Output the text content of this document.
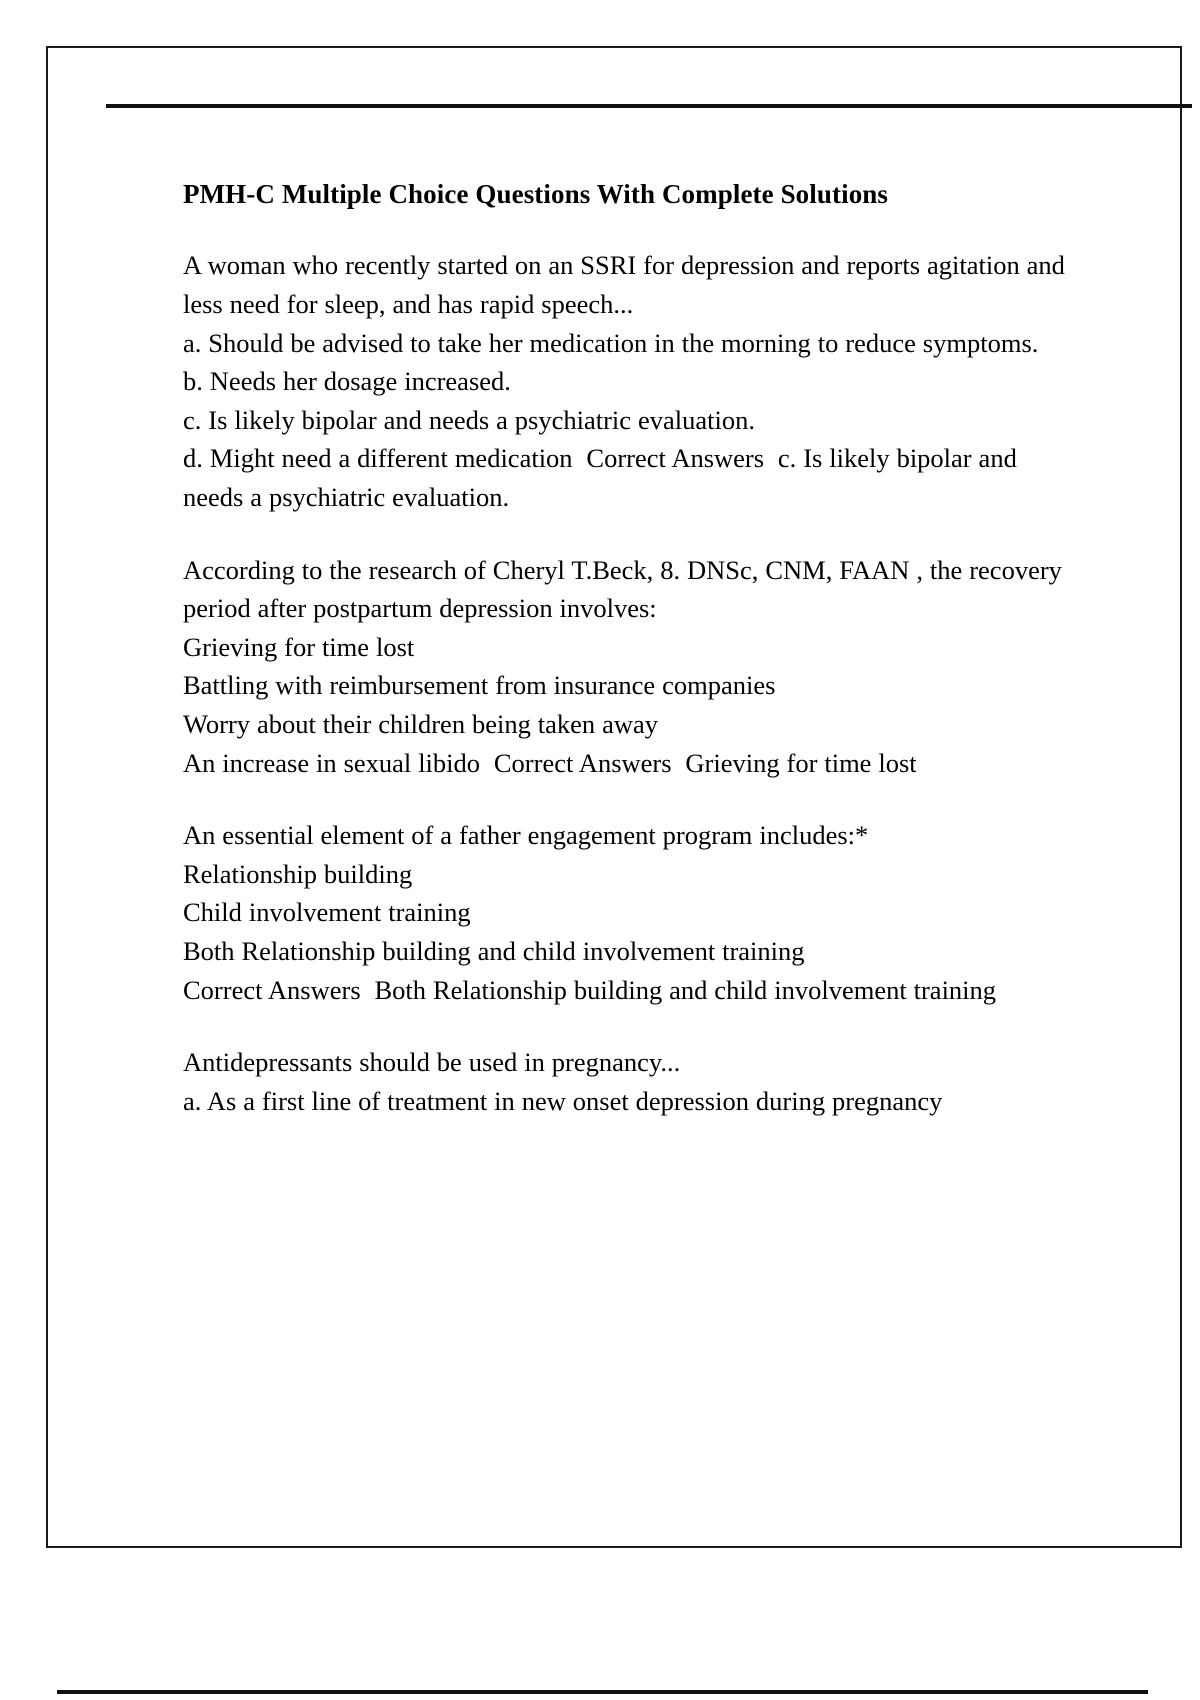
PMH-C Multiple Choice Questions With Complete Solutions

A woman who recently started on an SSRI for depression and reports agitation and less need for sleep, and has rapid speech...

a. Should be advised to take her medication in the morning to reduce symptoms.

b. Needs her dosage increased.

c. Is likely bipolar and needs a psychiatric evaluation.

d. Might need a different medication  Correct Answers  c. Is likely bipolar and needs a psychiatric evaluation.

According to the research of Cheryl T.Beck, 8. DNSc, CNM, FAAN , the recovery period after postpartum depression involves:

Grieving for time lost

Battling with reimbursement from insurance companies

Worry about their children being taken away

An increase in sexual libido  Correct Answers  Grieving for time lost

An essential element of a father engagement program includes:*

Relationship building

Child involvement training

Both Relationship building and child involvement training

Correct Answers  Both Relationship building and child involvement training

Antidepressants should be used in pregnancy...

a. As a first line of treatment in new onset depression during pregnancy
